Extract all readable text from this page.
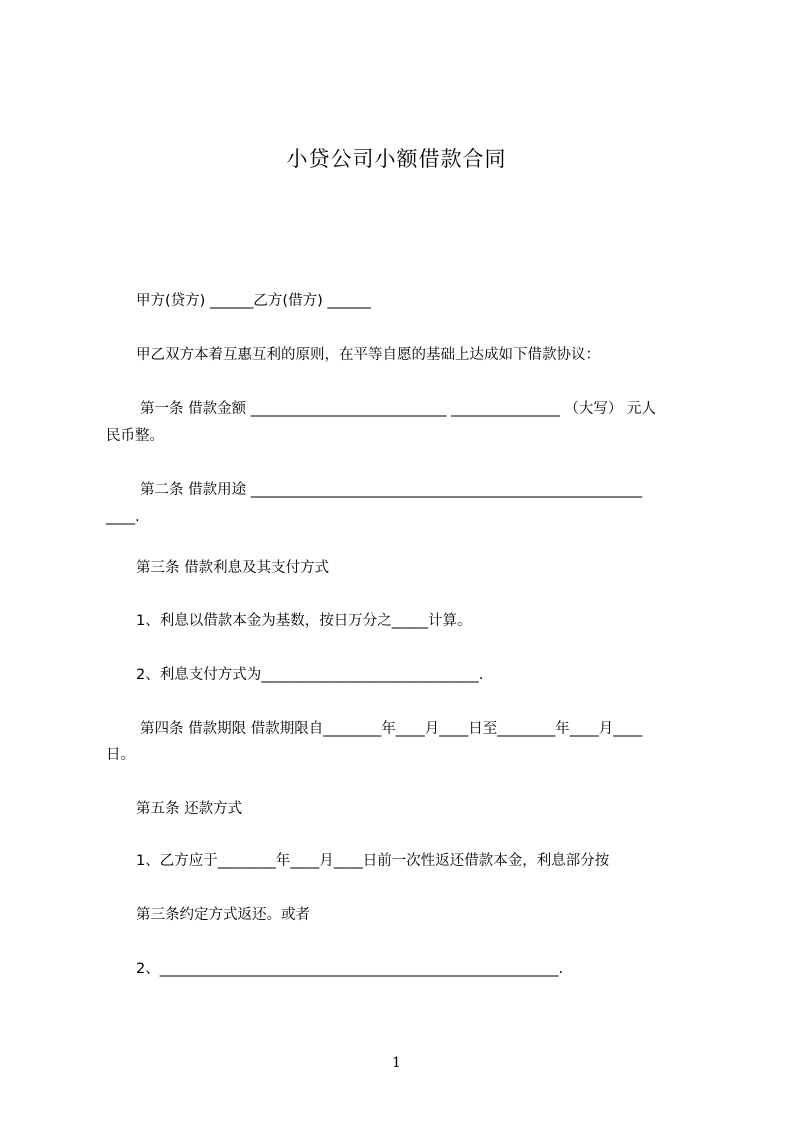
小贷公司小额借款合同
甲方(贷方) ______乙方(借方) ______
甲乙双方本着互惠互利的原则，在平等自愿的基础上达成如下借款协议：
第一条 借款金额 ___________________________ _______________ （大写） 元人
民币整。
第二条 借款用途 ______________________________________________________
____.
第三条 借款利息及其支付方式
1、利息以借款本金为基数，按日万分之_____计算。
2、利息支付方式为______________________________.
第四条 借款期限 借款期限自________年____月____日至________年____月____
日。
第五条 还款方式
1、乙方应于________年____月____日前一次性返还借款本金，利息部分按
第三条约定方式返还。或者
2、_______________________________________________________.
1
